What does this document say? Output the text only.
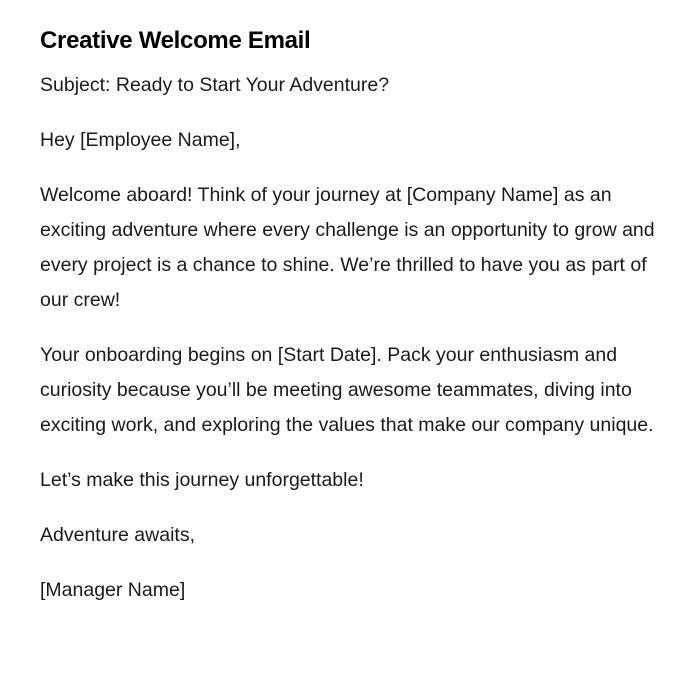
Creative Welcome Email

Subject: Ready to Start Your Adventure?

Hey [Employee Name],

Welcome aboard! Think of your journey at [Company Name] as an exciting adventure where every challenge is an opportunity to grow and every project is a chance to shine. We’re thrilled to have you as part of our crew!

Your onboarding begins on [Start Date]. Pack your enthusiasm and curiosity because you’ll be meeting awesome teammates, diving into exciting work, and exploring the values that make our company unique.

Let’s make this journey unforgettable!

Adventure awaits,

[Manager Name]
